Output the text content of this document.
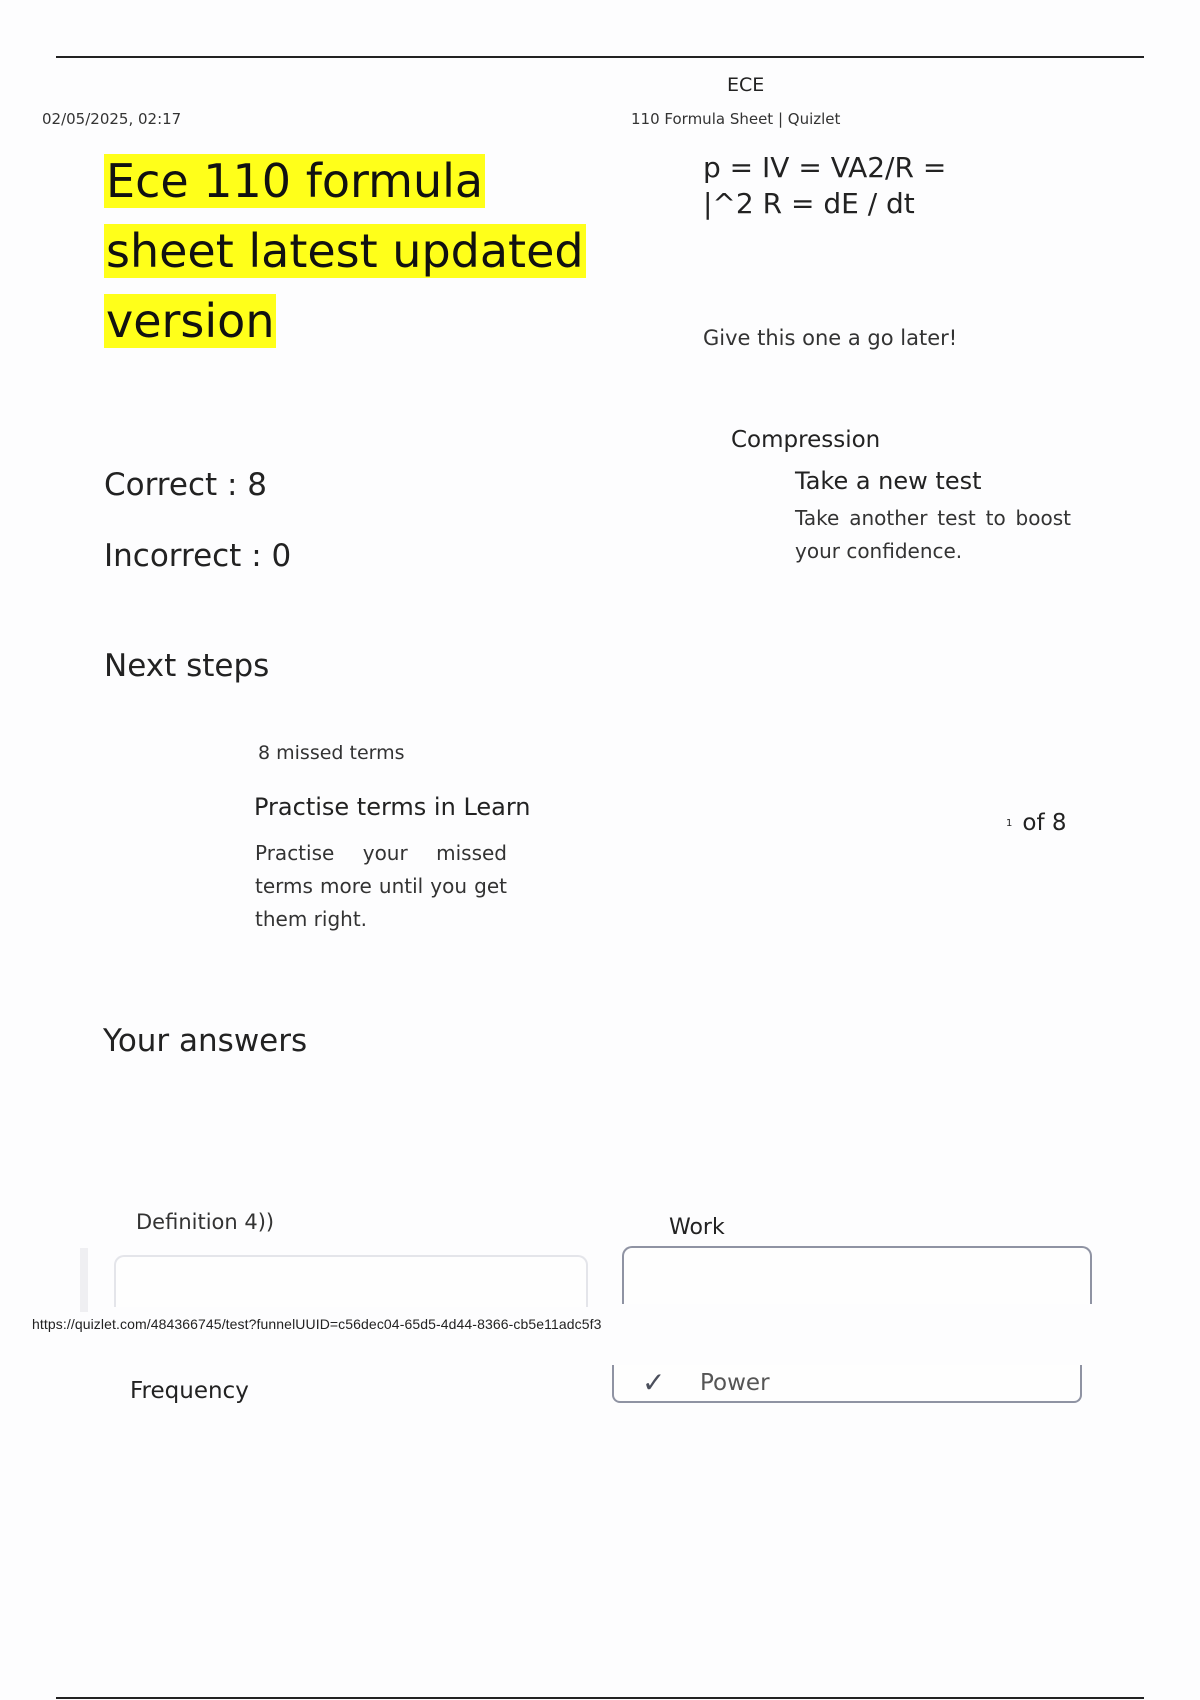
ECE
02/05/2025, 02:17	110 Formula Sheet | Quizlet
Ece 110 formula
sheet latest updated
version
p = IV = VA2/R =
|^2 R = dE / dt
Give this one a go later!
Compression
Take a new test
Take another test to boost your confidence.
Correct : 8
Incorrect : 0
Next steps
8 missed terms
Practise terms in Learn
Practise your missed terms more until you get them right.
1 of 8
Your answers
Definition 4))	Work
https://quizlet.com/484366745/test?funnelUUID=c56dec04-65d5-4d44-8366-cb5e11adc5f3
Frequency	✓ Power
